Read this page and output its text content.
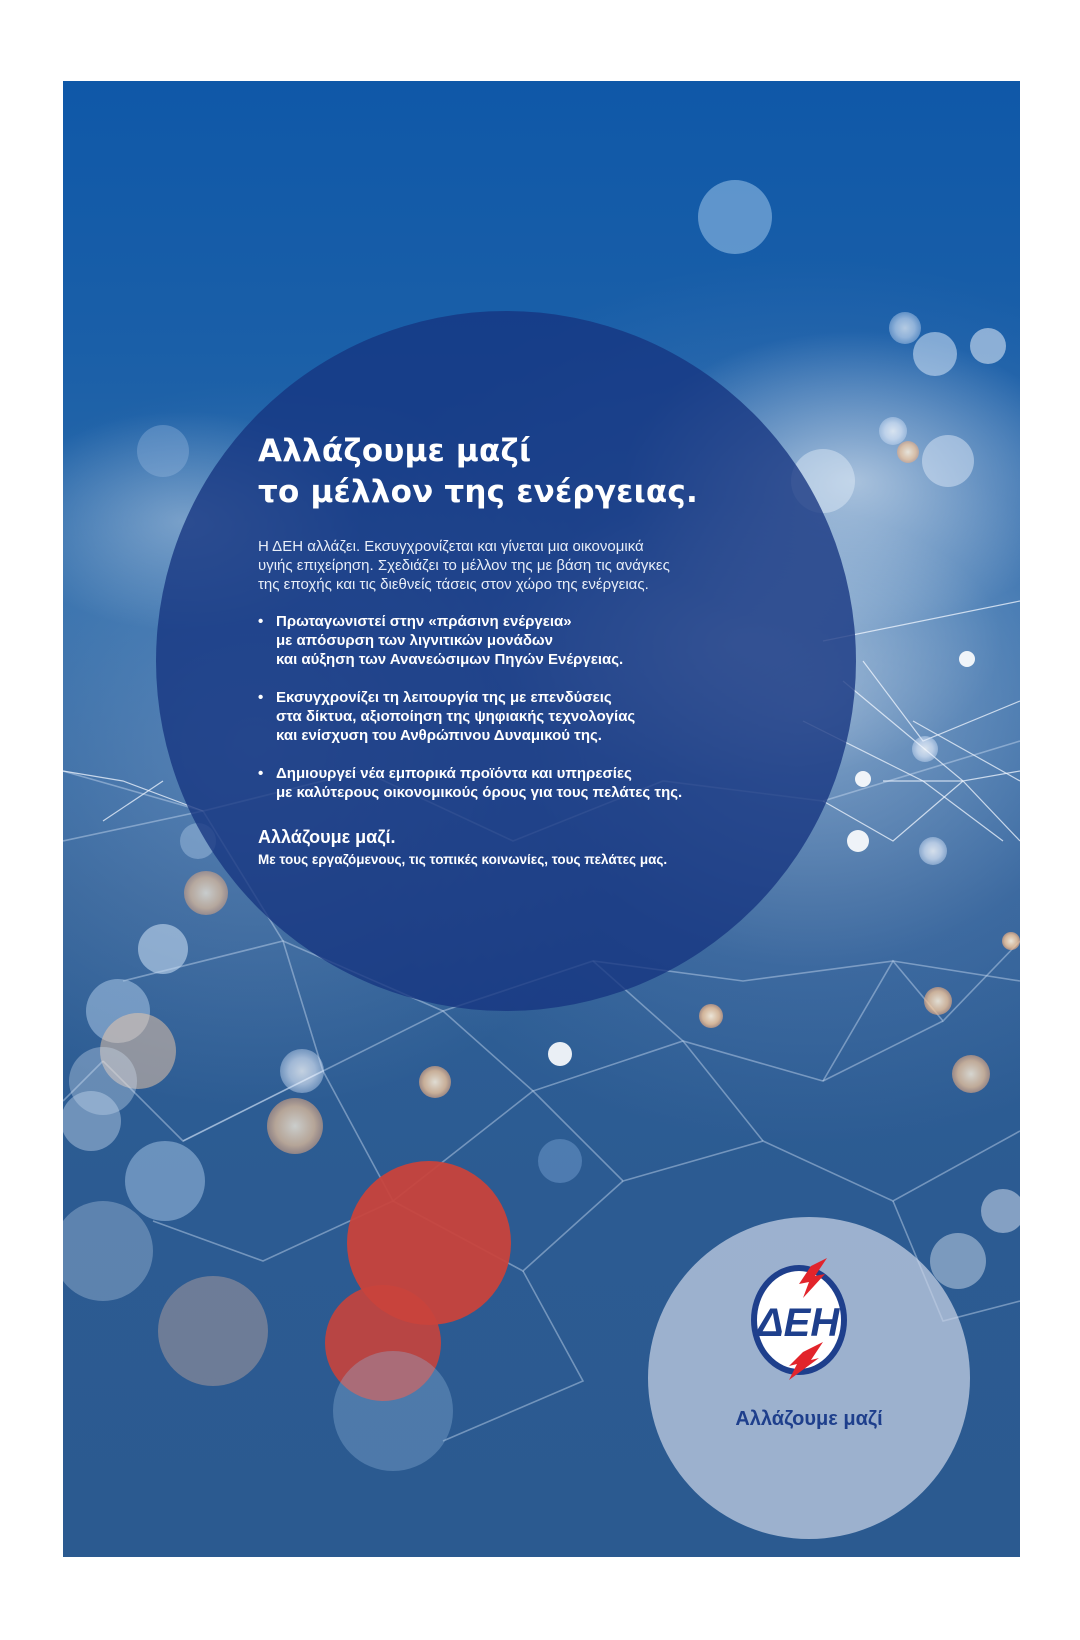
Αλλάζουμε μαζί
το μέλλον της ενέργειας.

Η ΔΕΗ αλλάζει. Εκσυγχρονίζεται και γίνεται μια οικονομικά
υγιής επιχείρηση. Σχεδιάζει το μέλλον της με βάση τις ανάγκες
της εποχής και τις διεθνείς τάσεις στον χώρο της ενέργειας.

• Πρωταγωνιστεί στην «πράσινη ενέργεια»
με απόσυρση των λιγνιτικών μονάδων
και αύξηση των Ανανεώσιμων Πηγών Ενέργειας.
• Εκσυγχρονίζει τη λειτουργία της με επενδύσεις
στα δίκτυα, αξιοποίηση της ψηφιακής τεχνολογίας
και ενίσχυση του Ανθρώπινου Δυναμικού της.
• Δημιουργεί νέα εμπορικά προϊόντα και υπηρεσίες
με καλύτερους οικονομικούς όρους για τους πελάτες της.

Αλλάζουμε μαζί.

Με τους εργαζόμενους, τις τοπικές κοινωνίες, τους πελάτες μας.

ΔΕΗ
Αλλάζουμε μαζί
